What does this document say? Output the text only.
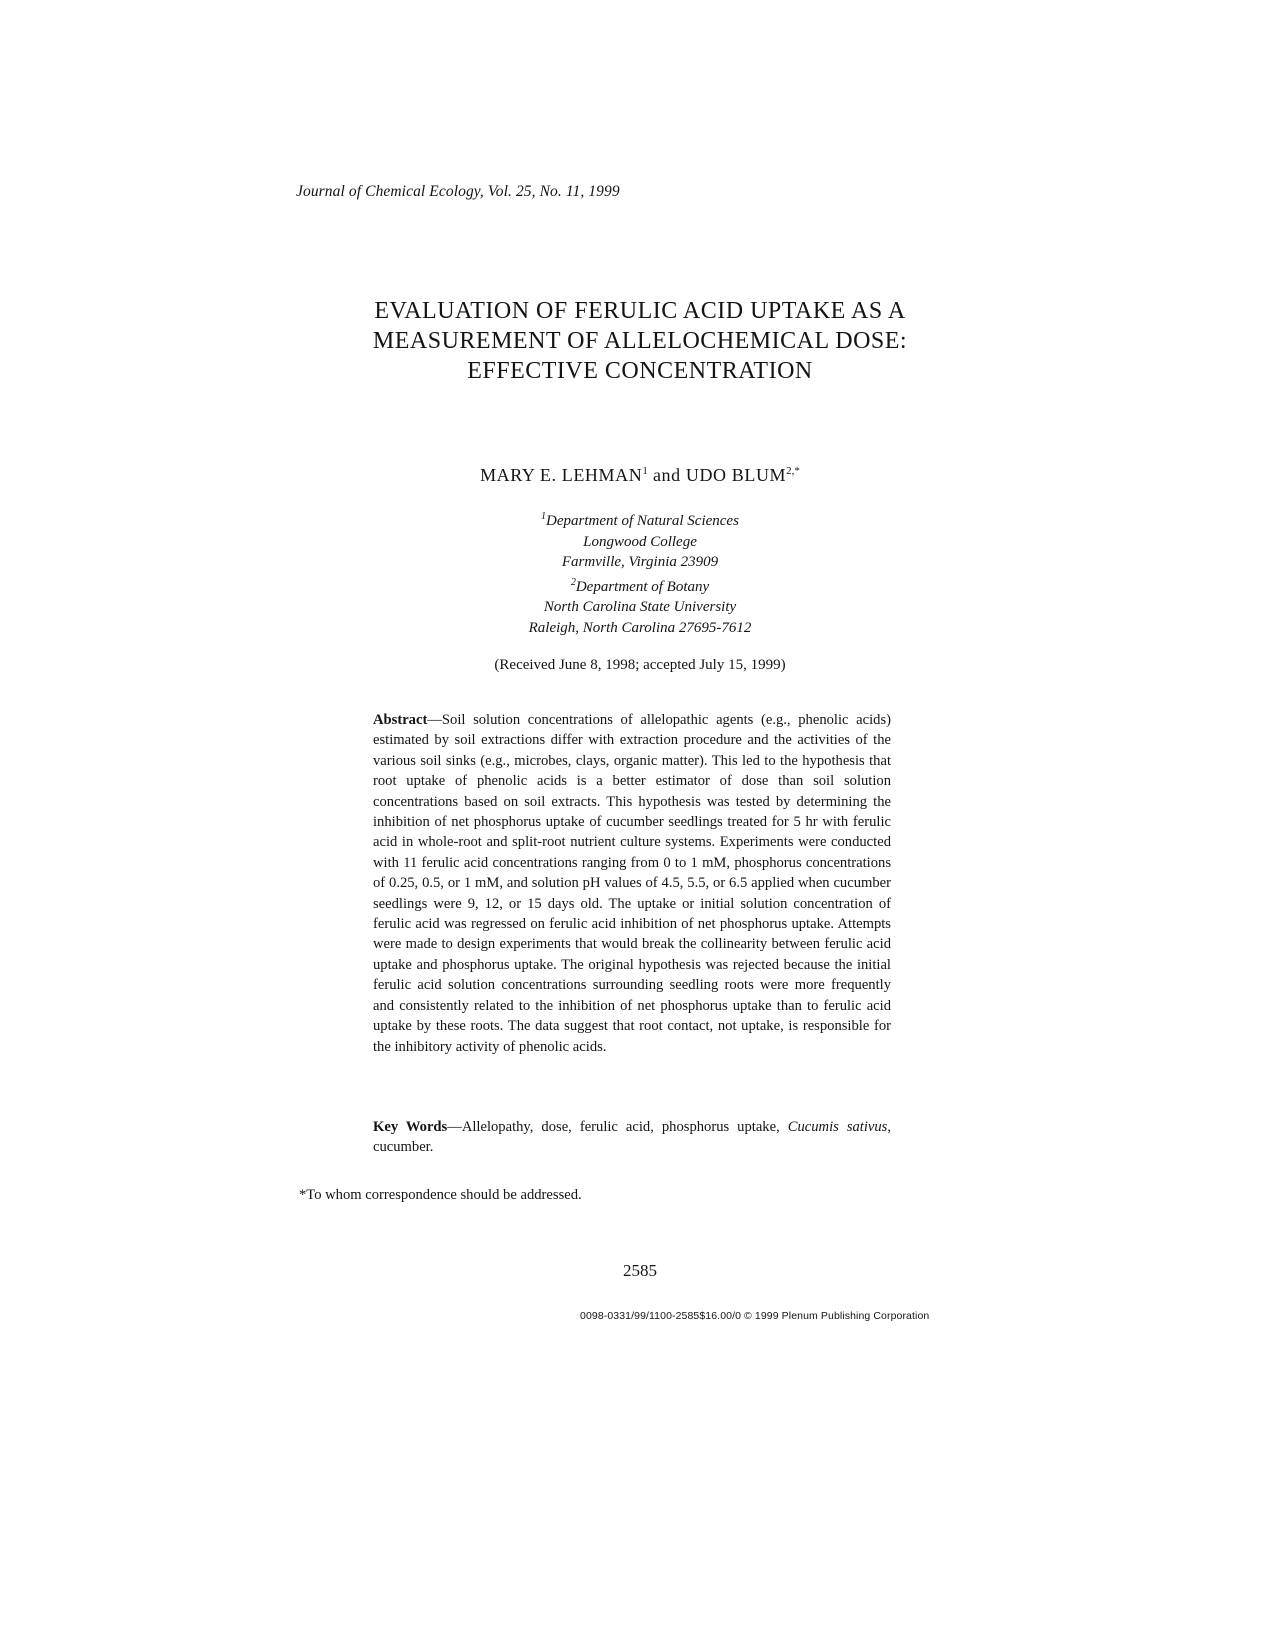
Journal of Chemical Ecology, Vol. 25, No. 11, 1999
EVALUATION OF FERULIC ACID UPTAKE AS A
MEASUREMENT OF ALLELOCHEMICAL DOSE:
EFFECTIVE CONCENTRATION
MARY E. LEHMAN$^1$ and UDO $BLUM^{2,*}$
$^1$Department of Natural Sciences
Longwood College
Farmville, Virginia 23909
$^2$Department of Botany
North Carolina State University
Raleigh, North Carolina 27695-7612
(Received June 8, 1998; accepted July 15, 1999)

Abstract—Soil solution concentrations of allelopathic agents (e.g., phenolic acids) estimated by soil extractions differ with extraction procedure and the activities of the various soil sinks (e.g., microbes, clays, organic matter). This led to the hypothesis that root uptake of phenolic acids is a better estimator of dose than soil solution concentrations based on soil extracts. This hypothesis was tested by determining the inhibition of net phosphorus uptake of cucumber seedlings treated for 5 hr with ferulic acid in whole-root and split-root nutrient culture systems. Experiments were conducted with 11 ferulic acid concentrations ranging from 0 to 1 mM, phosphorus concentrations of 0.25, 0.5, or 1 mM, and solution pH values of 4.5, 5.5, or 6.5 applied when cucumber seedlings were 9, 12, or 15 days old. The uptake or initial solution concentration of ferulic acid was regressed on ferulic acid inhibition of net phosphorus uptake. Attempts were made to design experiments that would break the collinearity between ferulic acid uptake and phosphorus uptake. The original hypothesis was rejected because the initial ferulic acid solution concentrations surrounding seedling roots were more frequently and consistently related to the inhibition of net phosphorus uptake than to ferulic acid uptake by these roots. The data suggest that root contact, not uptake, is responsible for the inhibitory activity of phenolic acids.

Key Words—Allelopathy, dose, ferulic acid, phosphorus uptake, Cucumis sativus, cucumber.

*To whom correspondence should be addressed.
2585
0098-0331/99/1100-2585$16.00/0 © 1999 Plenum Publishing Corporation
